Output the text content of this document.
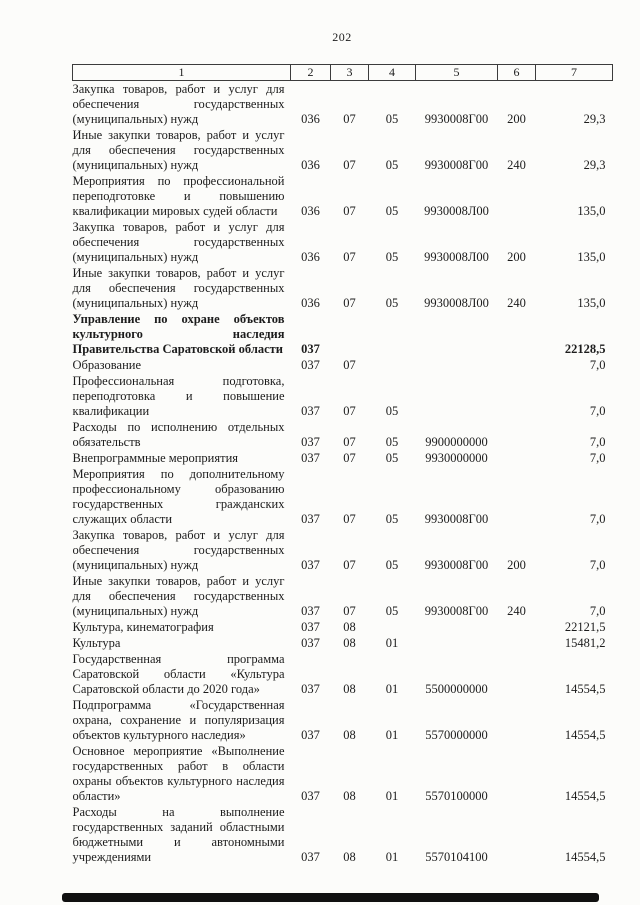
202
1	2	3	4	5	6	7
Закупка товаров, работ и услуг для обеспечения государственных (муниципальных) нужд	036	07	05	9930008Г00	200	29,3
Иные закупки товаров, работ и услуг для обеспечения государственных (муниципальных) нужд	036	07	05	9930008Г00	240	29,3
Мероприятия по профессиональной переподготовке и повышению квалификации мировых судей области	036	07	05	9930008Л00		135,0
Закупка товаров, работ и услуг для обеспечения государственных (муниципальных) нужд	036	07	05	9930008Л00	200	135,0
Иные закупки товаров, работ и услуг для обеспечения государственных (муниципальных) нужд	036	07	05	9930008Л00	240	135,0
Управление по охране объектов культурного наследия Правительства Саратовской области	037					22128,5
Образование	037	07				7,0
Профессиональная подготовка, переподготовка и повышение квалификации	037	07	05			7,0
Расходы по исполнению отдельных обязательств	037	07	05	9900000000		7,0
Внепрограммные мероприятия	037	07	05	9930000000		7,0
Мероприятия по дополнительному профессиональному образованию государственных гражданских служащих области	037	07	05	9930008Г00		7,0
Закупка товаров, работ и услуг для обеспечения государственных (муниципальных) нужд	037	07	05	9930008Г00	200	7,0
Иные закупки товаров, работ и услуг для обеспечения государственных (муниципальных) нужд	037	07	05	9930008Г00	240	7,0
Культура, кинематография	037	08				22121,5
Культура	037	08	01			15481,2
Государственная программа Саратовской области «Культура Саратовской области до 2020 года»	037	08	01	5500000000		14554,5
Подпрограмма «Государственная охрана, сохранение и популяризация объектов культурного наследия»	037	08	01	5570000000		14554,5
Основное мероприятие «Выполнение государственных работ в области охраны объектов культурного наследия области»	037	08	01	5570100000		14554,5
Расходы на выполнение государственных заданий областными бюджетными и автономными учреждениями	037	08	01	5570104100		14554,5
